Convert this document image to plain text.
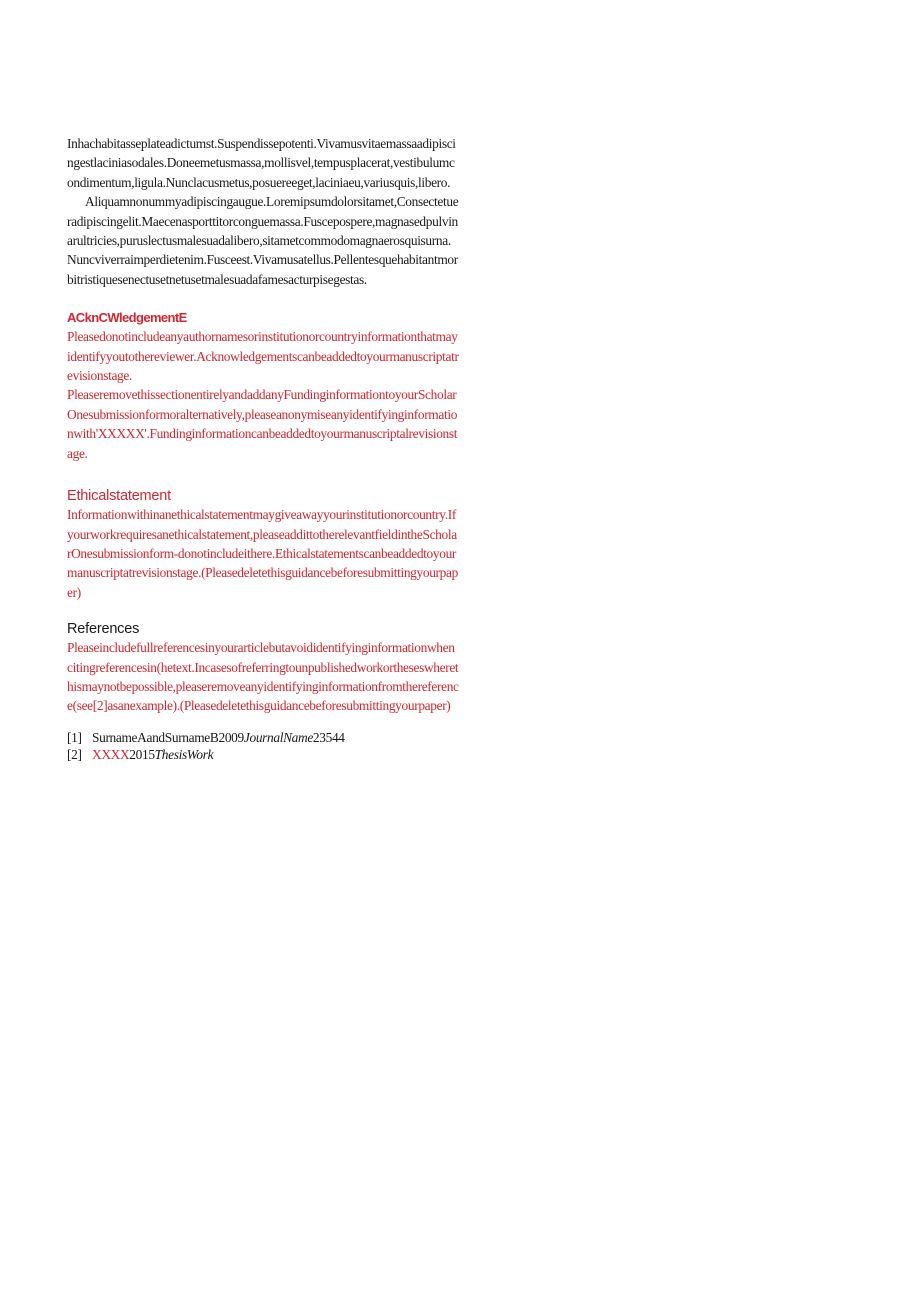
Inhachabitasseplateadictumst.Suspendissepotenti.Vivamusvitaemassaadipiscingestlaciniasodales.Doneemetusmassa,mollisvel,tempusplacerat,vestibulumcondimentum,ligula.Nunclacusmetus,posuereeget,laciniaeu,variusquis,libero.

Aliquamnonummyadipiscingaugue.Loremipsumdolorsitamet,Consectetueradipiscingelit.Maecenasporttitorconguemassa.Fuscepospere,magnasedpulvinarultricies,puruslectusmalesuadalibero,sitametcommodomagnaerosquisurna.Nuncviverraimperdietenim.Fusceest.Vivamusatellus.Pellentesquehabitantmorbitristiquesenectusetnetusetmalesuadafamesacturpisegestas.

ACknCWledgementE

Pleasedonotincludeanyauthornamesorinstitutionorcountryinformationthatmayidentifyyoutothereviewer.Acknowledgementscanbeaddedtoyourmanuscriptatrevisionstage.

PleaseremovethissectionentirelyandaddanyFundinginformationtoyourScholarOnesubmissionformoralternatively,pleaseanonymiseanyidentifyinginformationwith'XXXXX'.Fundinginformationcanbeaddedtoyourmanuscriptalrevisionstage.

Ethicalstatement

Informationwithinanethicalstatementmaygiveawayyourinstitutionorcountry.Ifyourworkrequiresanethicalstatement,pleaseaddittotherelevantfieldintheScholarOnesubmissionform-donotincludeithere.Ethicalstatementscanbeaddedtoyourmanuscriptatrevisionstage.(Pleasedeletethisguidancebeforesubmittingyourpaper)

References

Pleaseincludefullreferencesinyourarticlebutavoididentifyinginformationwhencitingreferencesin(hetext.Incasesofreferringtounpublishedworkortheseswherethismaynotbepossible,pleaseremoveanyidentifyinginformationfromthereference(see[2]asanexample).(Pleasedeletethisguidancebeforesubmittingyourpaper)

[1] SurnameAandSurnameB2009JournalName23544
[2] XXXX2015ThesisWork
